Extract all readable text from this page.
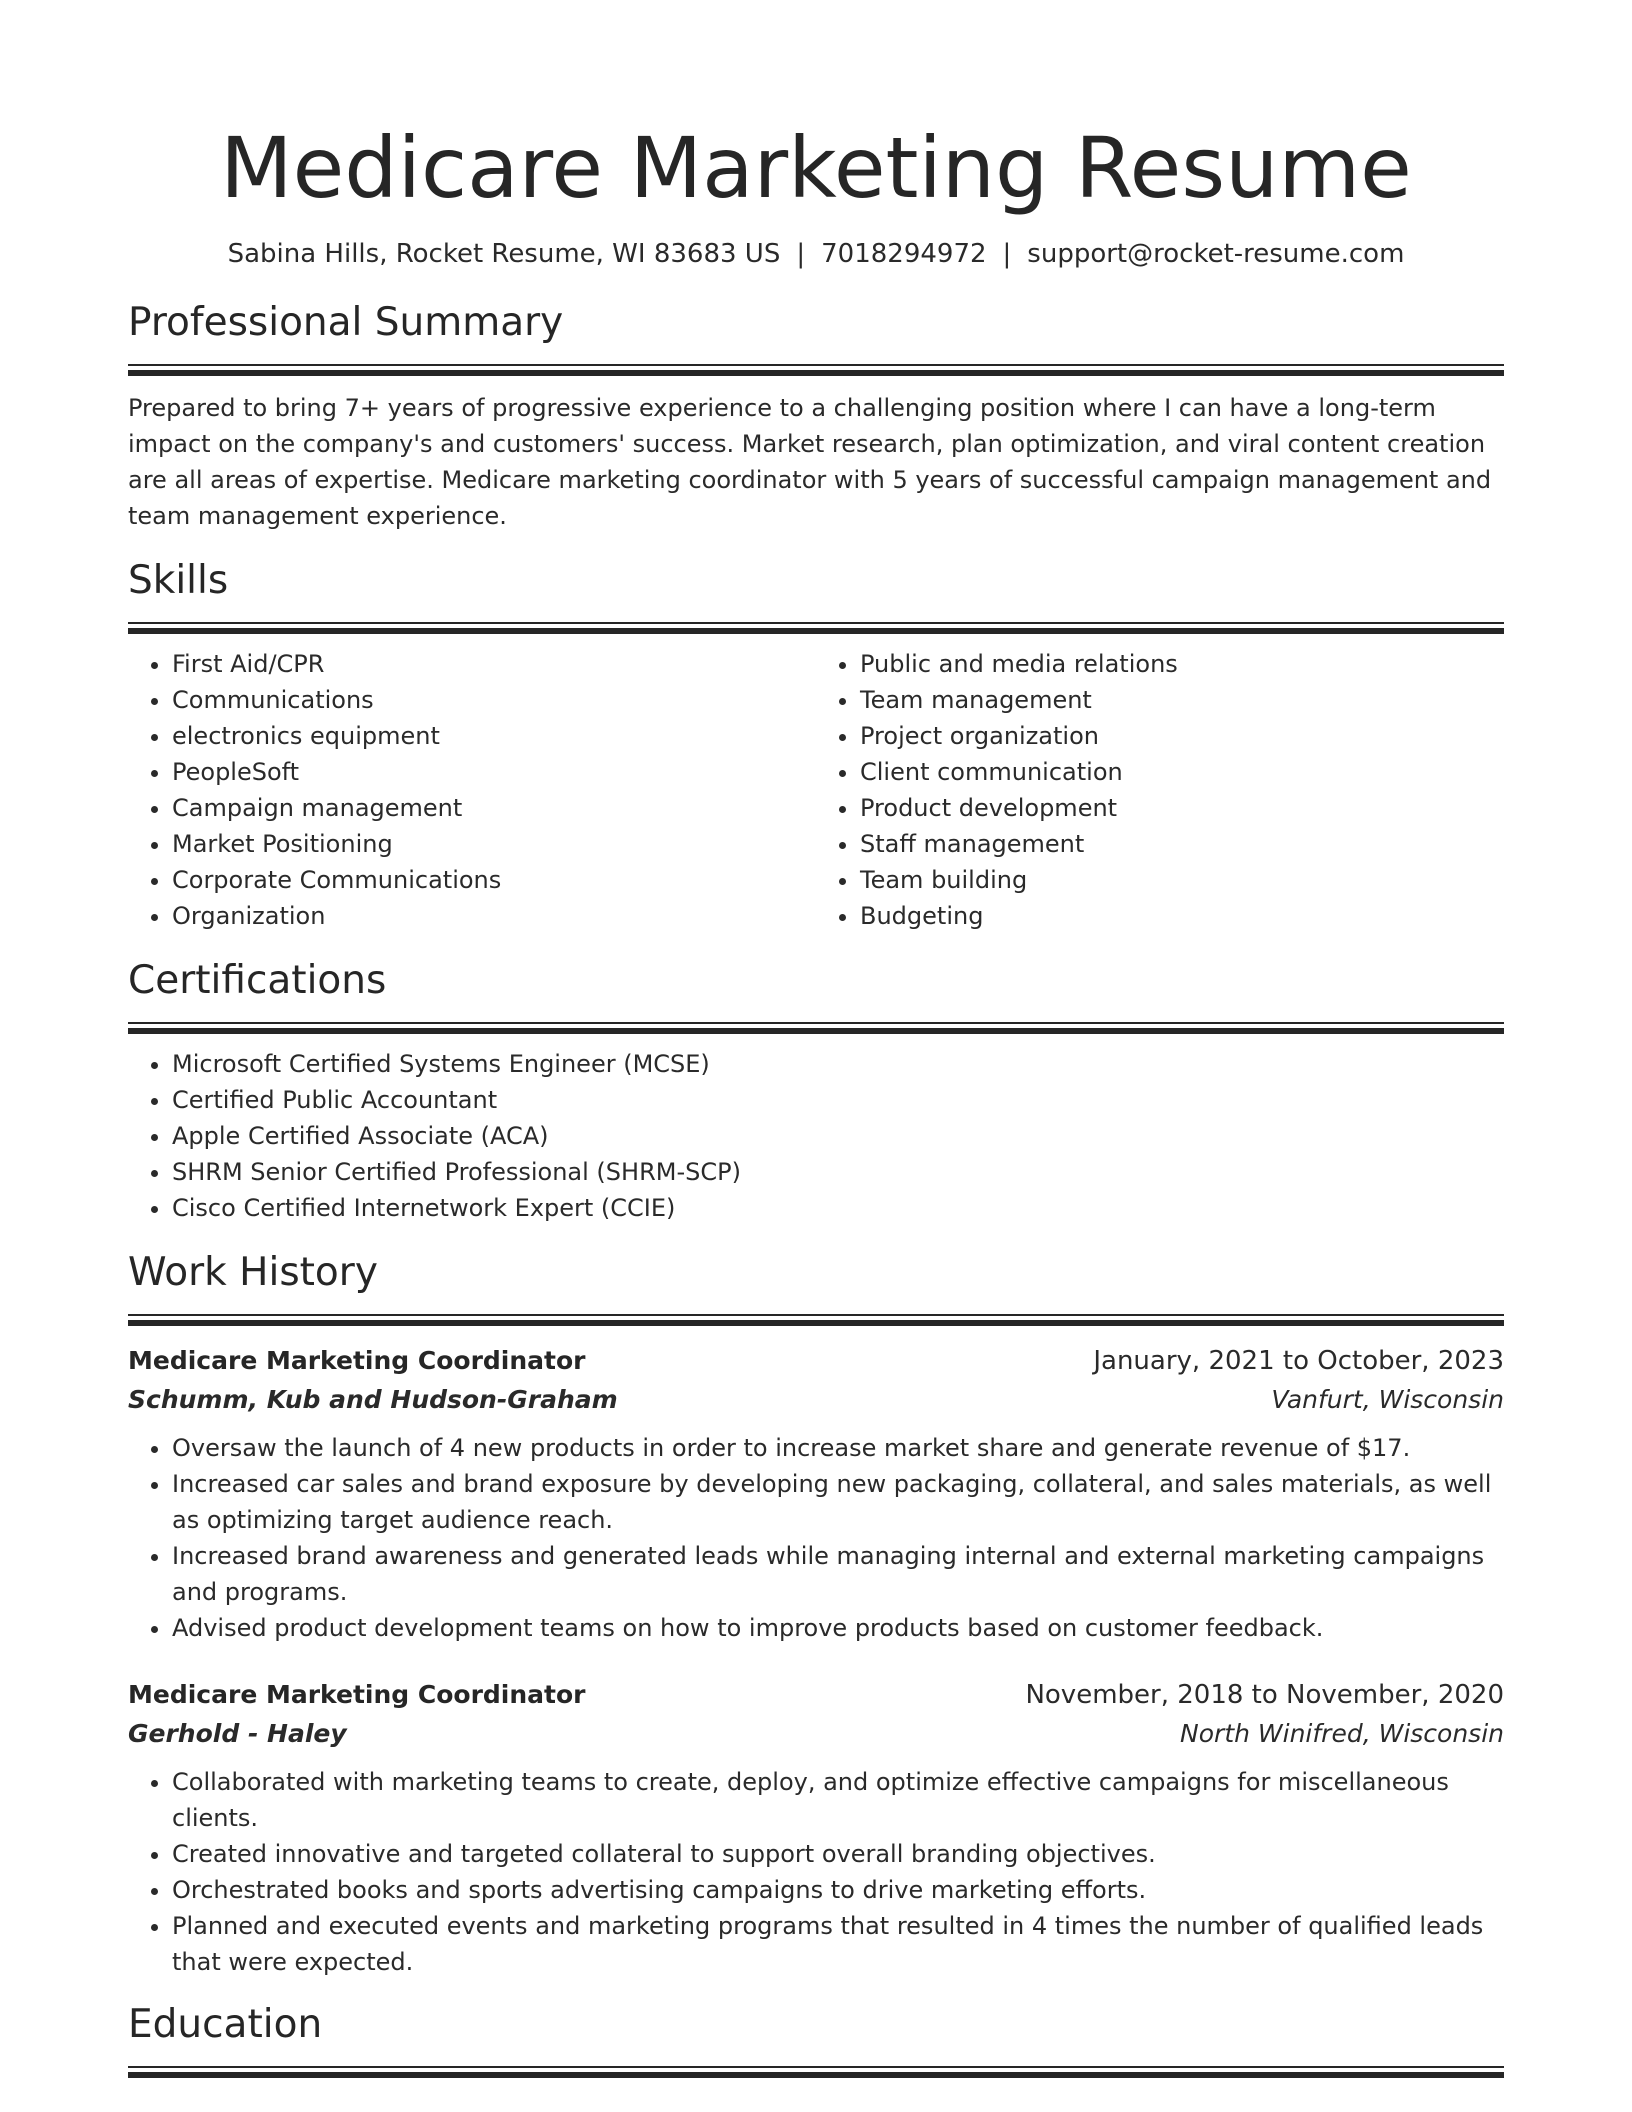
Medicare Marketing Resume
Sabina Hills, Rocket Resume, WI 83683 US | 7018294972 | support@rocket-resume.com
Professional Summary

Prepared to bring 7+ years of progressive experience to a challenging position where I can have a long-term impact on the company's and customers' success. Market research, plan optimization, and viral content creation are all areas of expertise. Medicare marketing coordinator with 5 years of successful campaign management and team management experience.

Skills
• First Aid/CPR
• Communications
• electronics equipment
• PeopleSoft
• Campaign management
• Market Positioning
• Corporate Communications
• Organization
• Public and media relations
• Team management
• Project organization
• Client communication
• Product development
• Staff management
• Team building
• Budgeting
Certifications
• Microsoft Certified Systems Engineer (MCSE)
• Certified Public Accountant
• Apple Certified Associate (ACA)
• SHRM Senior Certified Professional (SHRM-SCP)
• Cisco Certified Internetwork Expert (CCIE)
Work History
Medicare Marketing Coordinator	January, 2021 to October, 2023
Schumm, Kub and Hudson-Graham	Vanfurt, Wisconsin
• Oversaw the launch of 4 new products in order to increase market share and generate revenue of $17.
• Increased car sales and brand exposure by developing new packaging, collateral, and sales materials, as well as optimizing target audience reach.
• Increased brand awareness and generated leads while managing internal and external marketing campaigns and programs.
• Advised product development teams on how to improve products based on customer feedback.
Medicare Marketing Coordinator	November, 2018 to November, 2020
Gerhold - Haley	North Winifred, Wisconsin
• Collaborated with marketing teams to create, deploy, and optimize effective campaigns for miscellaneous clients.
• Created innovative and targeted collateral to support overall branding objectives.
• Orchestrated books and sports advertising campaigns to drive marketing efforts.
• Planned and executed events and marketing programs that resulted in 4 times the number of qualified leads that were expected.
Education
